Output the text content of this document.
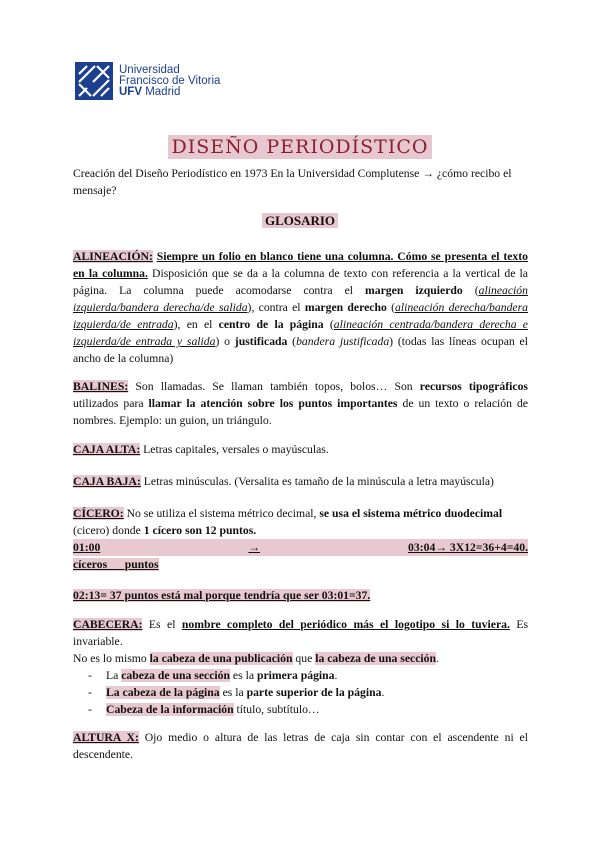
Universidad
Francisco de Vitoria
UFV Madrid
DISEÑO PERIODÍSTICO
Creación del Diseño Periodístico en 1973 En la Universidad Complutense → ¿cómo recibo el mensaje?
GLOSARIO
ALINEACIÓN: Siempre un folio en blanco tiene una columna. Cómo se presenta el texto en la columna. Disposición que se da a la columna de texto con referencia a la vertical de la página. La columna puede acomodarse contra el margen izquierdo (alineación izquierda/bandera derecha/de salida), contra el margen derecho (alineación derecha/bandera izquierda/de entrada), en el centro de la página (alineación centrada/bandera derecha e izquierda/de entrada y salida) o justificada (bandera justificada) (todas las líneas ocupan el ancho de la columna)
BALINES: Son llamadas. Se llaman también topos, bolos… Son recursos tipográficos utilizados para llamar la atención sobre los puntos importantes de un texto o relación de nombres. Ejemplo: un guion, un triángulo.
CAJA ALTA: Letras capitales, versales o mayúsculas.
CAJA BAJA: Letras minúsculas. (Versalita es tamaño de la minúscula a letra mayúscula)
CÍCERO: No se utiliza el sistema métrico decimal, se usa el sistema métrico duodecimal (cicero) donde 1 cícero son 12 puntos.
01 : 00	→	03:04→ 3X12=36+4=40.
cíceros      puntos
02:13= 37 puntos está mal porque tendría que ser 03:01=37.
CABECERA: Es el nombre completo del periódico más el logotipo si lo tuviera. Es invariable.
No es lo mismo la cabeza de una publicación que la cabeza de una sección.
-	La cabeza de una sección es la primera página.
-	La cabeza de la página es la parte superior de la página.
-	Cabeza de la información título, subtítulo…
ALTURA X: Ojo medio o altura de las letras de caja sin contar con el ascendente ni el descendente.
